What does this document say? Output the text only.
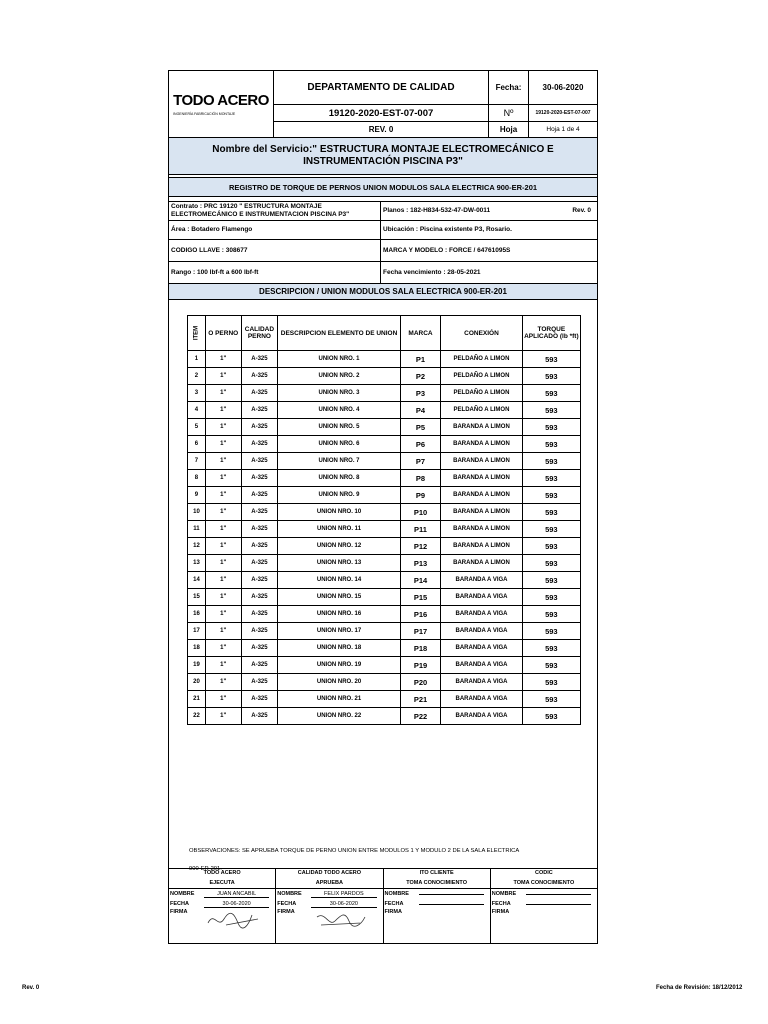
TODO ACERO
INGENIERÍA FABRICACIÓN MONTAJE
DEPARTAMENTO DE CALIDAD	Fecha:	30-06-2020
19120-2020-EST-07-007	Nº	19120-2020-EST-07-007
REV. 0	Hoja	Hoja 1 de 4
Nombre del Servicio:" ESTRUCTURA MONTAJE ELECTROMECÁNICO E INSTRUMENTACIÓN PISCINA P3"
REGISTRO DE TORQUE DE PERNOS UNION MODULOS SALA ELECTRICA 900-ER-201
Contrato : PRC 19120 " ESTRUCTURA MONTAJE ELECTROMECÁNICO E INSTRUMENTACION PISCINA P3"
Planos : 182-H834-532-47-DW-0011	Rev. 0
Área : Botadero Flamengo	Ubicación : Piscina existente P3, Rosario.
CODIGO LLAVE : 308677	MARCA Y MODELO : FORCE / 64761095S
Rango : 100 lbf-ft a 600 lbf-ft	Fecha vencimiento : 28-05-2021
DESCRIPCION / UNION MODULOS SALA ELECTRICA 900-ER-201
ITEM	O PERNO	CALIDAD PERNO	DESCRIPCION ELEMENTO DE UNION	MARCA	CONEXIÓN	TORQUE APLICADO (lb *ft)
1	1"	A-325	UNION NRO. 1	P1	PELDAÑO A LIMON	593
2	1"	A-325	UNION NRO. 2	P2	PELDAÑO A LIMON	593
3	1"	A-325	UNION NRO. 3	P3	PELDAÑO A LIMON	593
4	1"	A-325	UNION NRO. 4	P4	PELDAÑO A LIMON	593
5	1"	A-325	UNION NRO. 5	P5	BARANDA A LIMON	593
6	1"	A-325	UNION NRO. 6	P6	BARANDA A LIMON	593
7	1"	A-325	UNION NRO. 7	P7	BARANDA A LIMON	593
8	1"	A-325	UNION NRO. 8	P8	BARANDA A LIMON	593
9	1"	A-325	UNION NRO. 9	P9	BARANDA A LIMON	593
10	1"	A-325	UNION NRO. 10	P10	BARANDA A LIMON	593
11	1"	A-325	UNION NRO. 11	P11	BARANDA A LIMON	593
12	1"	A-325	UNION NRO. 12	P12	BARANDA A LIMON	593
13	1"	A-325	UNION NRO. 13	P13	BARANDA A LIMON	593
14	1"	A-325	UNION NRO. 14	P14	BARANDA A VIGA	593
15	1"	A-325	UNION NRO. 15	P15	BARANDA A VIGA	593
16	1"	A-325	UNION NRO. 16	P16	BARANDA A VIGA	593
17	1"	A-325	UNION NRO. 17	P17	BARANDA A VIGA	593
18	1"	A-325	UNION NRO. 18	P18	BARANDA A VIGA	593
19	1"	A-325	UNION NRO. 19	P19	BARANDA A VIGA	593
20	1"	A-325	UNION NRO. 20	P20	BARANDA A VIGA	593
21	1"	A-325	UNION NRO. 21	P21	BARANDA A VIGA	593
22	1"	A-325	UNION NRO. 22	P22	BARANDA A VIGA	593
OBSERVACIONES: SE APRUEBA TORQUE DE PERNO UNION ENTRE MODULOS 1 Y MODULO 2 DE LA SALA ELECTRICA
900-ER-201.
TODO ACERO
EJECUTA
NOMBRE	JUAN ANCABIL
FECHA	30-06-2020
FIRMA
CALIDAD TODO ACERO
APRUEBA
NOMBRE	FELIX PARDOS
FECHA	30-06-2020
FIRMA
ITO CLIENTE
TOMA CONOCIMIENTO
NOMBRE
FECHA
FIRMA
CODIC
TOMA CONOCIMIENTO
NOMBRE
FECHA
FIRMA
Rev. 0	Fecha de Revisión: 18/12/2012
